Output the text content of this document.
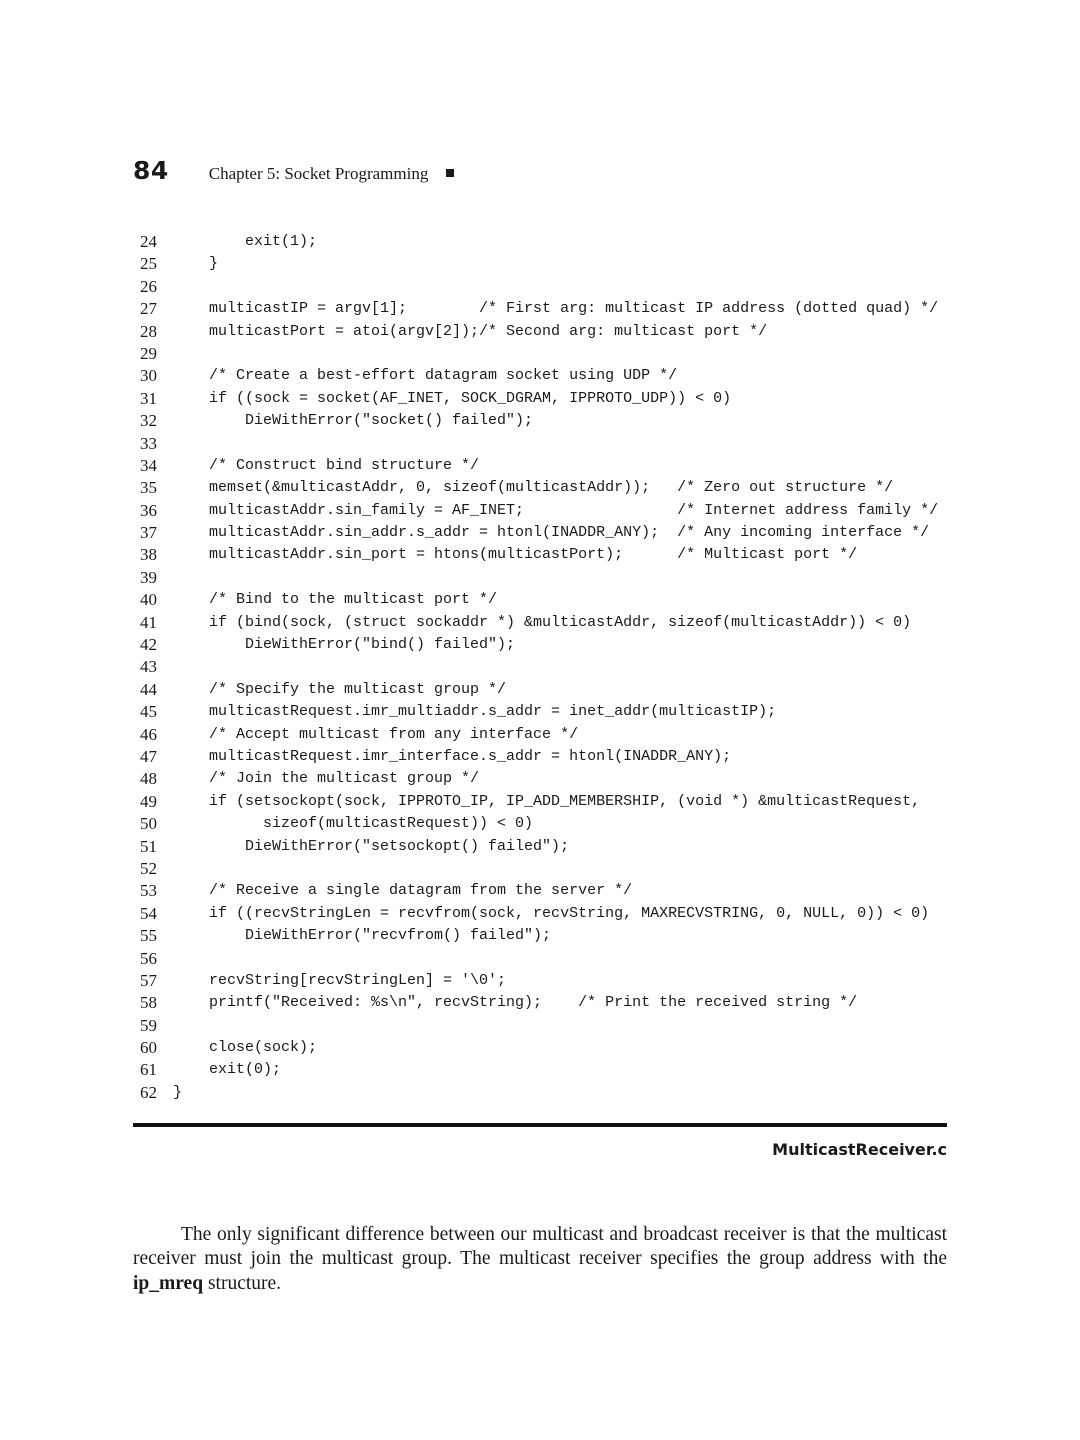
84 Chapter 5: Socket Programming
24 exit(1);
25 }
26
27 multicastIP = argv[1];        /* First arg: multicast IP address (dotted quad) */
28 multicastPort = atoi(argv[2]);/* Second arg: multicast port */
29
30 /* Create a best-effort datagram socket using UDP */
31 if ((sock = socket(AF_INET, SOCK_DGRAM, IPPROTO_UDP)) < 0)
32 DieWithError("socket() failed");
33
34 /* Construct bind structure */
35 memset(&multicastAddr, 0, sizeof(multicastAddr));   /* Zero out structure */
36 multicastAddr.sin_family = AF_INET;                 /* Internet address family */
37 multicastAddr.sin_addr.s_addr = htonl(INADDR_ANY);  /* Any incoming interface */
38 multicastAddr.sin_port = htons(multicastPort);      /* Multicast port */
39
40 /* Bind to the multicast port */
41 if (bind(sock, (struct sockaddr *) &multicastAddr, sizeof(multicastAddr)) < 0)
42 DieWithError("bind() failed");
43
44 /* Specify the multicast group */
45 multicastRequest.imr_multiaddr.s_addr = inet_addr(multicastIP);
46 /* Accept multicast from any interface */
47 multicastRequest.imr_interface.s_addr = htonl(INADDR_ANY);
48 /* Join the multicast group */
49 if (setsockopt(sock, IPPROTO_IP, IP_ADD_MEMBERSHIP, (void *) &multicastRequest,
50 sizeof(multicastRequest)) < 0)
51 DieWithError("setsockopt() failed");
52
53 /* Receive a single datagram from the server */
54 if ((recvStringLen = recvfrom(sock, recvString, MAXRECVSTRING, 0, NULL, 0)) < 0)
55 DieWithError("recvfrom() failed");
56
57 recvString[recvStringLen] = '\0';
58 printf("Received: %s\n", recvString);    /* Print the received string */
59
60 close(sock);
61 exit(0);
62 }
MulticastReceiver.c

The only significant difference between our multicast and broadcast receiver is that the multicast receiver must join the multicast group. The multicast receiver specifies the group address with the ip_mreq structure.
